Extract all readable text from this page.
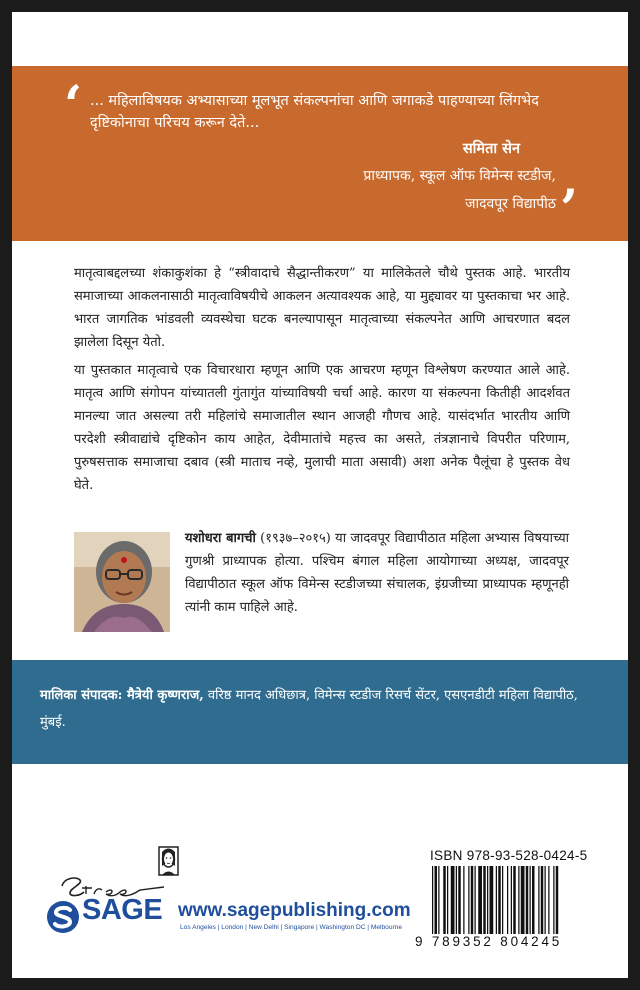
‘ ... महिलाविषयक अभ्यासाच्या मूलभूत संकल्पनांचा आणि जगाकडे पाहण्याच्या लिंगभेद दृष्टिकोनाचा परिचय करून देते...
समिता सेन
प्राध्यापक, स्कूल ऑफ विमेन्स स्टडीज,
जादवपूर विद्यापीठ ’
मातृत्वाबद्दलच्या शंकाकुशंका हे “स्त्रीवादाचे सैद्धान्तीकरण” या मालिकेतले चौथे पुस्तक आहे. भारतीय समाजाच्या आकलनासाठी मातृत्वाविषयीचे आकलन अत्यावश्यक आहे, या मुद्द्यावर या पुस्तकाचा भर आहे. भारत जागतिक भांडवली व्यवस्थेचा घटक बनल्यापासून मातृत्वाच्या संकल्पनेत आणि आचरणात बदल झालेला दिसून येतो.
या पुस्तकात मातृत्वाचे एक विचारधारा म्हणून आणि एक आचरण म्हणून विश्लेषण करण्यात आले आहे. मातृत्व आणि संगोपन यांच्यातली गुंतागुंत यांच्याविषयी चर्चा आहे. कारण या संकल्पना कितीही आदर्शवत मानल्या जात असल्या तरी महिलांचे समाजातील स्थान आजही गौणच आहे. यासंदर्भात भारतीय आणि परदेशी स्त्रीवाद्यांचे दृष्टिकोन काय आहेत, देवीमातांचे महत्त्व का असते, तंत्रज्ञानाचे विपरीत परिणाम, पुरुषसत्ताक समाजाचा दबाव (स्त्री माताच नव्हे, मुलाची माता असावी) अशा अनेक पैलूंचा हे पुस्तक वेध घेते.
यशोधरा बागची (१९३७–२०१५) या जादवपूर विद्यापीठात महिला अभ्यास विषयाच्या गुणश्री प्राध्यापक होत्या. पश्चिम बंगाल महिला आयोगाच्या अध्यक्ष, जादवपूर विद्यापीठात स्कूल ऑफ विमेन्स स्टडीजच्या संचालक, इंग्रजीच्या प्राध्यापक म्हणूनही त्यांनी काम पाहिले आहे.
मालिका संपादक: मैत्रेयी कृष्णराज, वरिष्ठ मानद अधिछात्र, विमेन्स स्टडीज रिसर्च सेंटर, एसएनडीटी महिला विद्यापीठ, मुंबई.
SAGE www.sagepublishing.com
Los Angeles | London | New Delhi | Singapore | Washington DC | Melbourne
ISBN 978-93-528-0424-5
9 789352 804245
